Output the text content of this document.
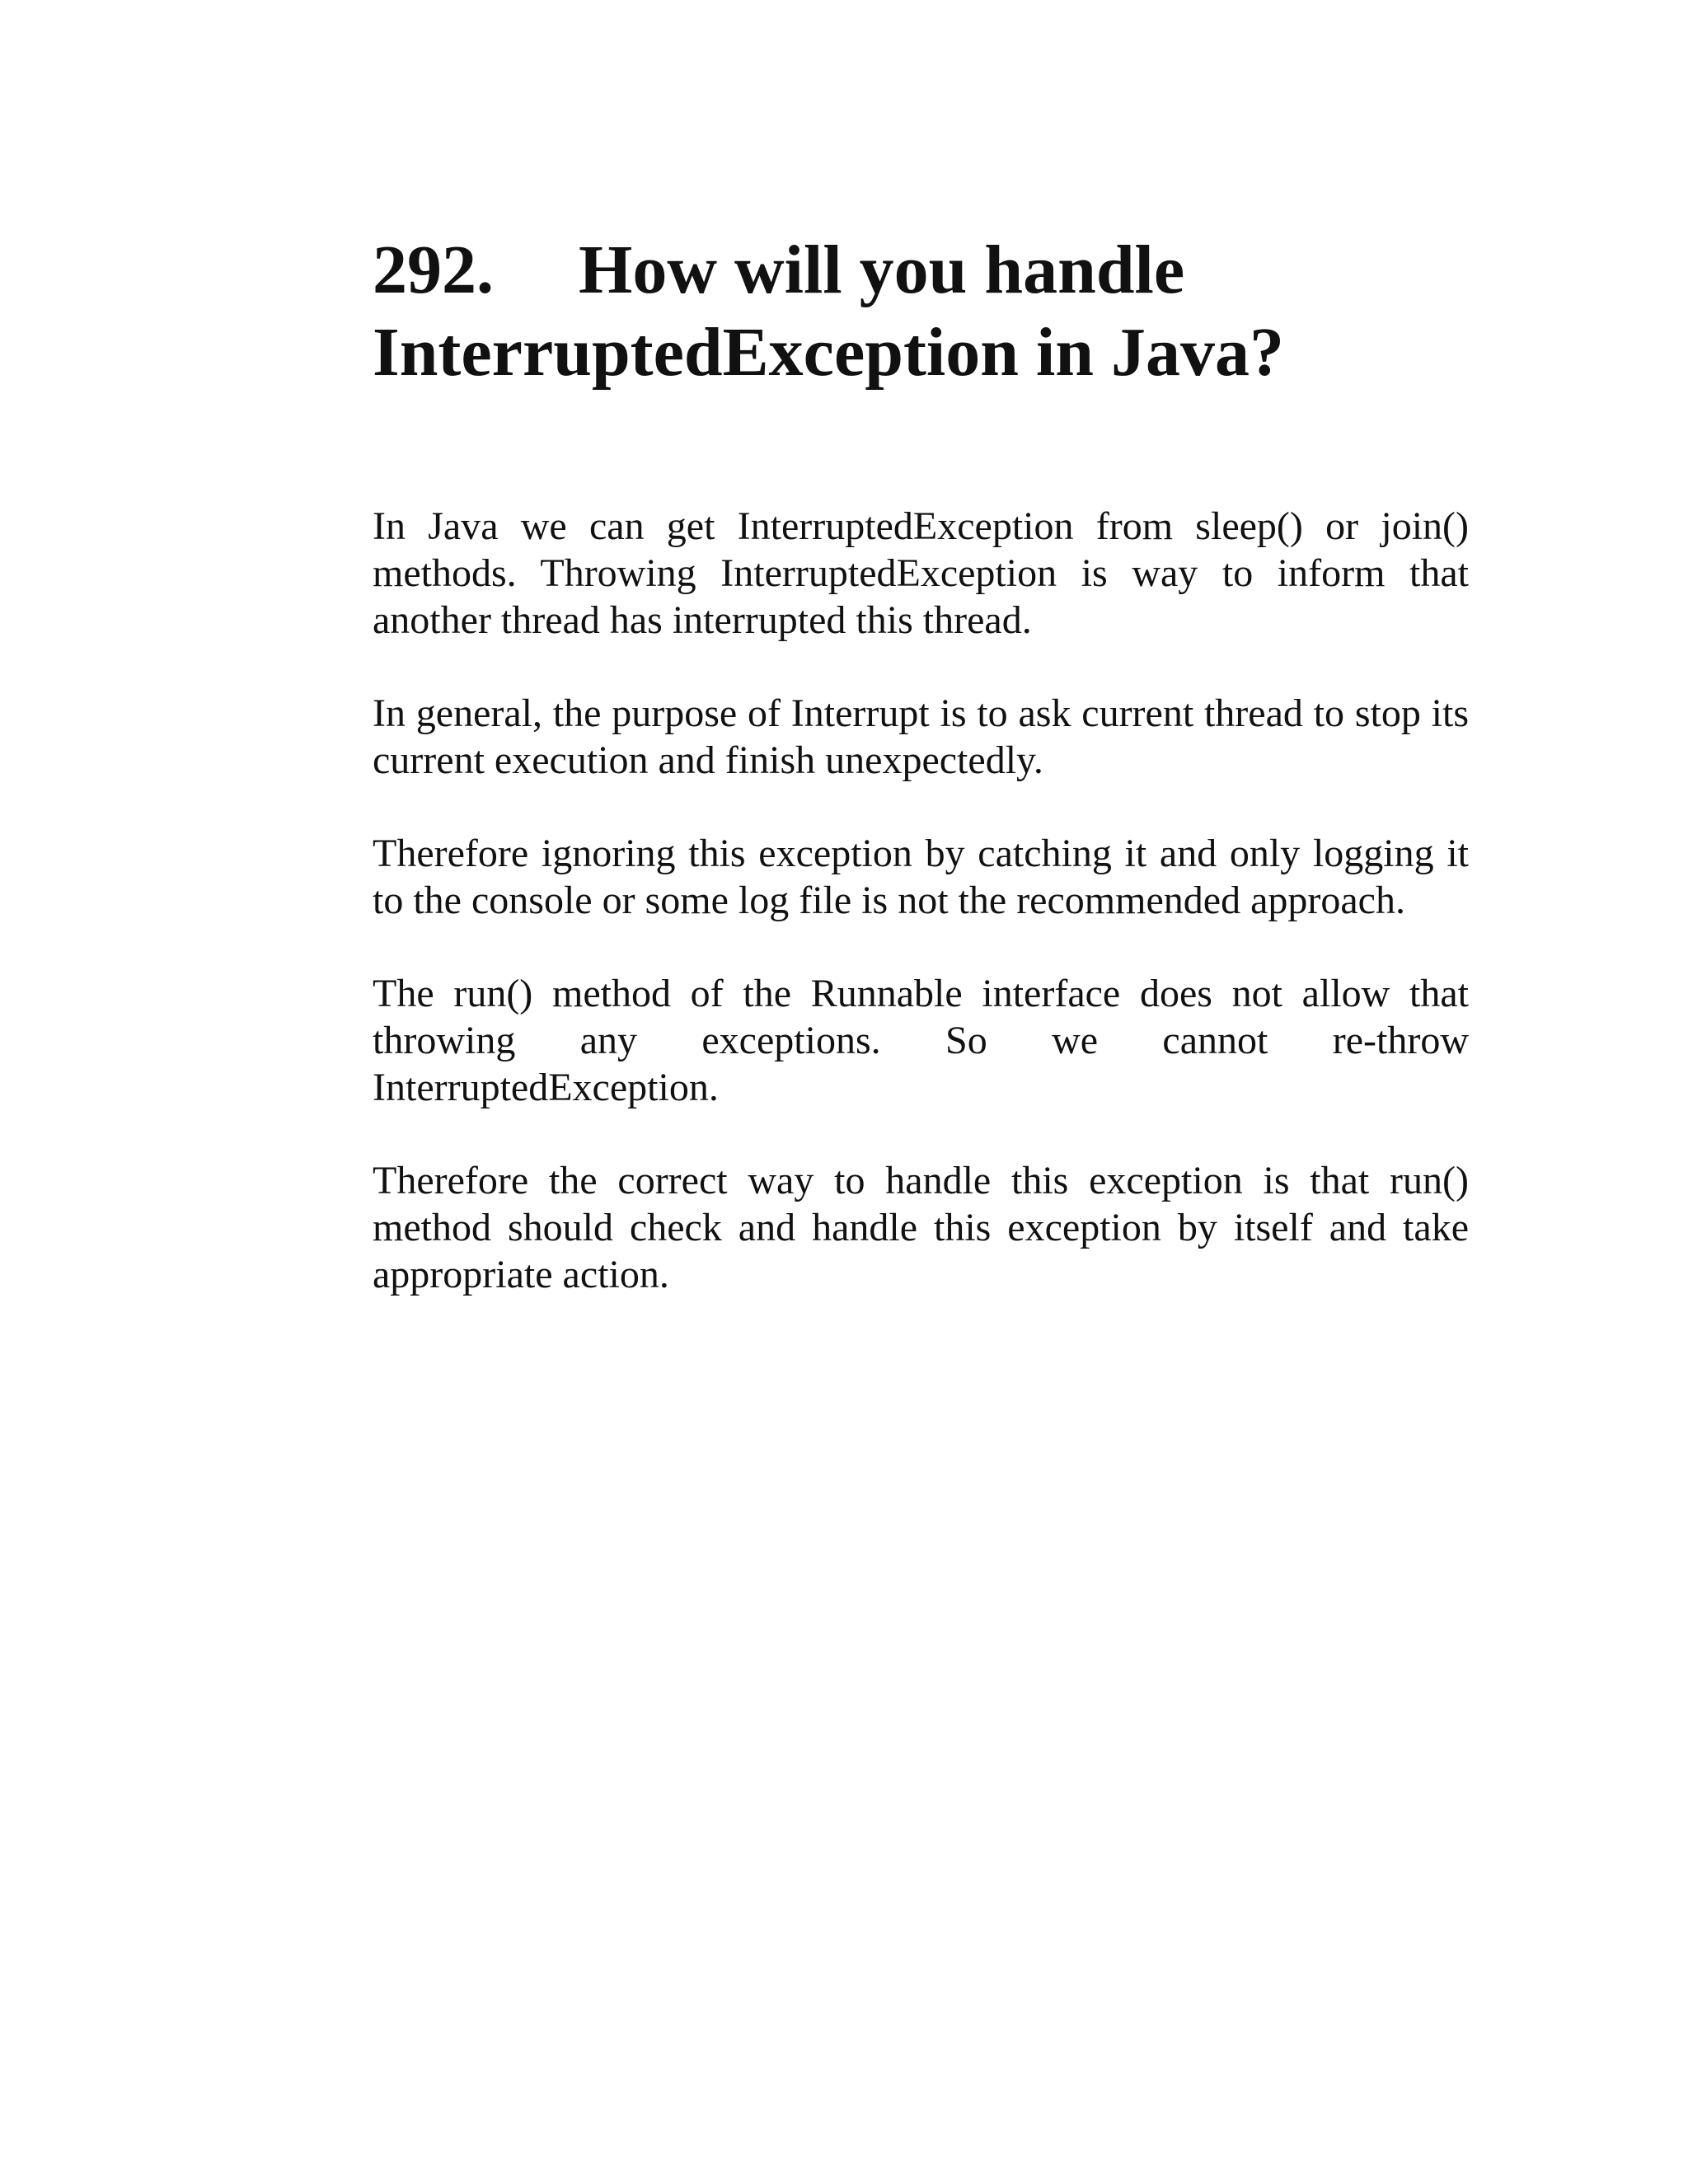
292. How will you handle
InterruptedException in Java?

In Java we can get InterruptedException from sleep() or join() methods. Throwing InterruptedException is way to inform that another thread has interrupted this thread.

In general, the purpose of Interrupt is to ask current thread to stop its current execution and finish unexpectedly.

Therefore ignoring this exception by catching it and only logging it to the console or some log file is not the recommended approach.

The run() method of the Runnable interface does not allow that throwing any exceptions. So we cannot re-throw InterruptedException.

Therefore the correct way to handle this exception is that run() method should check and handle this exception by itself and take appropriate action.
